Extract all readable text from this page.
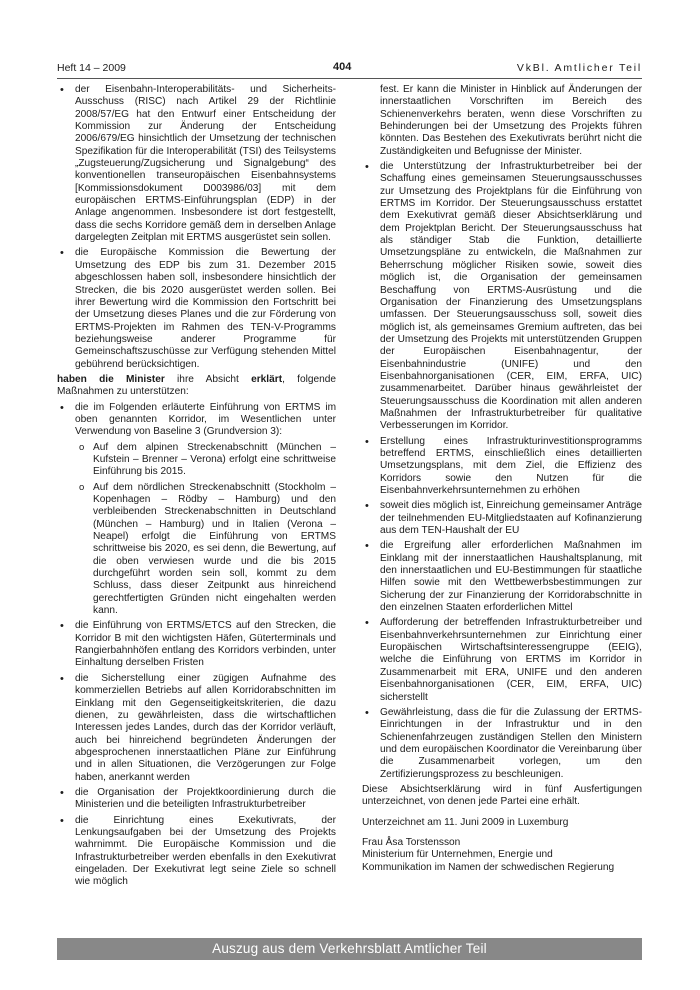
Heft 14 – 2009	404	VkBl. Amtlicher Teil
• der Eisenbahn-Interoperabilitäts- und Sicherheits-Ausschuss (RISC) nach Artikel 29 der Richtlinie 2008/57/EG hat den Entwurf einer Entscheidung der Kommission zur Änderung der Entscheidung 2006/679/EG hinsichtlich der Umsetzung der technischen Spezifikation für die Interoperabilität (TSI) des Teilsystems „Zugsteuerung/Zugsicherung und Signalgebung“ des konventionellen transeuropäischen Eisenbahnsystems [Kommissionsdokument D003986/03] mit dem europäischen ERTMS-Einführungsplan (EDP) in der Anlage angenommen. Insbesondere ist dort festgestellt, dass die sechs Korridore gemäß dem in derselben Anlage dargelegten Zeitplan mit ERTMS ausgerüstet sein sollen.
• die Europäische Kommission die Bewertung der Umsetzung des EDP bis zum 31. Dezember 2015 abgeschlossen haben soll, insbesondere hinsichtlich der Strecken, die bis 2020 ausgerüstet werden sollen. Bei ihrer Bewertung wird die Kommission den Fortschritt bei der Umsetzung dieses Planes und die zur Förderung von ERTMS-Projekten im Rahmen des TEN-V-Programms beziehungsweise anderer Programme für Gemeinschaftszuschüsse zur Verfügung stehenden Mittel gebührend berücksichtigen.

haben die Minister ihre Absicht erklärt, folgende Maßnahmen zu unterstützen:

• die im Folgenden erläuterte Einführung von ERTMS im oben genannten Korridor, im Wesentlichen unter Verwendung von Baseline 3 (Grundversion 3):
o Auf dem alpinen Streckenabschnitt (München – Kufstein – Brenner – Verona) erfolgt eine schrittweise Einführung bis 2015.
o Auf dem nördlichen Streckenabschnitt (Stockholm – Kopenhagen – Rödby – Hamburg) und den verbleibenden Streckenabschnitten in Deutschland (München – Hamburg) und in Italien (Verona – Neapel) erfolgt die Einführung von ERTMS schrittweise bis 2020, es sei denn, die Bewertung, auf die oben verwiesen wurde und die bis 2015 durchgeführt worden sein soll, kommt zu dem Schluss, dass dieser Zeitpunkt aus hinreichend gerechtfertigten Gründen nicht eingehalten werden kann.
• die Einführung von ERTMS/ETCS auf den Strecken, die Korridor B mit den wichtigsten Häfen, Güterterminals und Rangierbahnhöfen entlang des Korridors verbinden, unter Einhaltung derselben Fristen
• die Sicherstellung einer zügigen Aufnahme des kommerziellen Betriebs auf allen Korridorabschnitten im Einklang mit den Gegenseitigkeitskriterien, die dazu dienen, zu gewährleisten, dass die wirtschaftlichen Interessen jedes Landes, durch das der Korridor verläuft, auch bei hinreichend begründeten Änderungen der abgesprochenen innerstaatlichen Pläne zur Einführung und in allen Situationen, die Verzögerungen zur Folge haben, anerkannt werden
• die Organisation der Projektkoordinierung durch die Ministerien und die beteiligten Infrastrukturbetreiber
• die Einrichtung eines Exekutivrats, der Lenkungsaufgaben bei der Umsetzung des Projekts wahrnimmt. Die Europäische Kommission und die Infrastrukturbetreiber werden ebenfalls in den Exekutivrat eingeladen. Der Exekutivrat legt seine Ziele so schnell wie möglich

fest. Er kann die Minister in Hinblick auf Änderungen der innerstaatlichen Vorschriften im Bereich des Schienenverkehrs beraten, wenn diese Vorschriften zu Behinderungen bei der Umsetzung des Projekts führen könnten. Das Bestehen des Exekutivrats berührt nicht die Zuständigkeiten und Befugnisse der Minister.

• die Unterstützung der Infrastrukturbetreiber bei der Schaffung eines gemeinsamen Steuerungsausschusses zur Umsetzung des Projektplans für die Einführung von ERTMS im Korridor. Der Steuerungsausschuss erstattet dem Exekutivrat gemäß dieser Absichtserklärung und dem Projektplan Bericht. Der Steuerungsausschuss hat als ständiger Stab die Funktion, detaillierte Umsetzungspläne zu entwickeln, die Maßnahmen zur Beherrschung möglicher Risiken sowie, soweit dies möglich ist, die Organisation der gemeinsamen Beschaffung von ERTMS-Ausrüstung und die Organisation der Finanzierung des Umsetzungsplans umfassen. Der Steuerungsausschuss soll, soweit dies möglich ist, als gemeinsames Gremium auftreten, das bei der Umsetzung des Projekts mit unterstützenden Gruppen der Europäischen Eisenbahnagentur, der Eisenbahnindustrie (UNIFE) und den Eisenbahnorganisationen (CER, EIM, ERFA, UIC) zusammenarbeitet. Darüber hinaus gewährleistet der Steuerungsausschuss die Koordination mit allen anderen Maßnahmen der Infrastrukturbetreiber für qualitative Verbesserungen im Korridor.
• Erstellung eines Infrastrukturinvestitionsprogramms betreffend ERTMS, einschließlich eines detaillierten Umsetzungsplans, mit dem Ziel, die Effizienz des Korridors sowie den Nutzen für die Eisenbahnverkehrsunternehmen zu erhöhen
• soweit dies möglich ist, Einreichung gemeinsamer Anträge der teilnehmenden EU-Mitgliedstaaten auf Kofinanzierung aus dem TEN-Haushalt der EU
• die Ergreifung aller erforderlichen Maßnahmen im Einklang mit der innerstaatlichen Haushaltsplanung, mit den innerstaatlichen und EU-Bestimmungen für staatliche Hilfen sowie mit den Wettbewerbsbestimmungen zur Sicherung der zur Finanzierung der Korridorabschnitte in den einzelnen Staaten erforderlichen Mittel
• Aufforderung der betreffenden Infrastrukturbetreiber und Eisenbahnverkehrsunternehmen zur Einrichtung einer Europäischen Wirtschaftsinteressengruppe (EEIG), welche die Einführung von ERTMS im Korridor in Zusammenarbeit mit ERA, UNIFE und den anderen Eisenbahnorganisationen (CER, EIM, ERFA, UIC) sicherstellt
• Gewährleistung, dass die für die Zulassung der ERTMS-Einrichtungen in der Infrastruktur und in den Schienenfahrzeugen zuständigen Stellen den Ministern und dem europäischen Koordinator die Vereinbarung über die Zusammenarbeit vorlegen, um den Zertifizierungsprozess zu beschleunigen.

Diese Absichtserklärung wird in fünf Ausfertigungen unterzeichnet, von denen jede Partei eine erhält.

Unterzeichnet am 11. Juni 2009 in Luxemburg

Frau Åsa Torstensson
Ministerium für Unternehmen, Energie und
Kommunikation im Namen der schwedischen Regierung
Auszug aus dem Verkehrsblatt Amtlicher Teil
